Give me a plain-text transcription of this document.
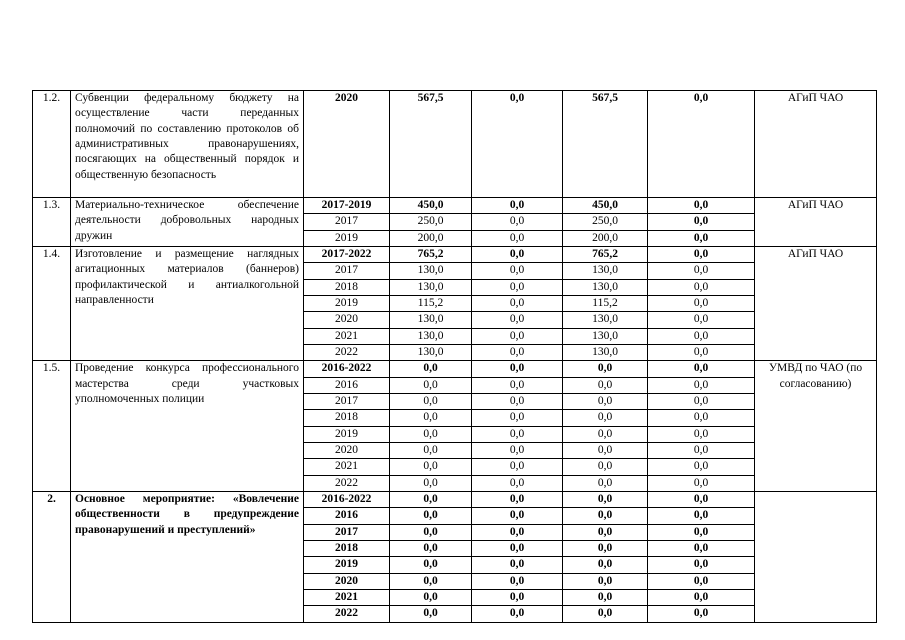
1.2.	Субвенции федеральному бюджету на осуществление части переданных полномочий по составлению протоколов об административных правонарушениях, посягающих на общественный порядок и общественную безопасность	2020	567,5	0,0	567,5	0,0	АГиП ЧАО
1.3.	Материально-техническое обеспечение деятельности добровольных народных дружин	2017-2019	450,0	0,0	450,0	0,0	АГиП ЧАО
		2017	250,0	0,0	250,0	0,0	
		2019	200,0	0,0	200,0	0,0	
1.4.	Изготовление и размещение наглядных агитационных материалов (баннеров) профилактической и антиалкогольной направленности	2017-2022	765,2	0,0	765,2	0,0	АГиП ЧАО
		2017	130,0	0,0	130,0	0,0	
		2018	130,0	0,0	130,0	0,0	
		2019	115,2	0,0	115,2	0,0	
		2020	130,0	0,0	130,0	0,0	
		2021	130,0	0,0	130,0	0,0	
		2022	130,0	0,0	130,0	0,0	
1.5.	Проведение конкурса профессионального мастерства среди участковых уполномоченных полиции	2016-2022	0,0	0,0	0,0	0,0	УМВД по ЧАО (по согласованию)
		2016	0,0	0,0	0,0	0,0	
		2017	0,0	0,0	0,0	0,0	
		2018	0,0	0,0	0,0	0,0	
		2019	0,0	0,0	0,0	0,0	
		2020	0,0	0,0	0,0	0,0	
		2021	0,0	0,0	0,0	0,0	
		2022	0,0	0,0	0,0	0,0	
2.	Основное мероприятие: «Вовлечение общественности в предупреждение правонарушений и преступлений»	2016-2022	0,0	0,0	0,0	0,0	
		2016	0,0	0,0	0,0	0,0	
		2017	0,0	0,0	0,0	0,0	
		2018	0,0	0,0	0,0	0,0	
		2019	0,0	0,0	0,0	0,0	
		2020	0,0	0,0	0,0	0,0	
		2021	0,0	0,0	0,0	0,0	
		2022	0,0	0,0	0,0	0,0	
